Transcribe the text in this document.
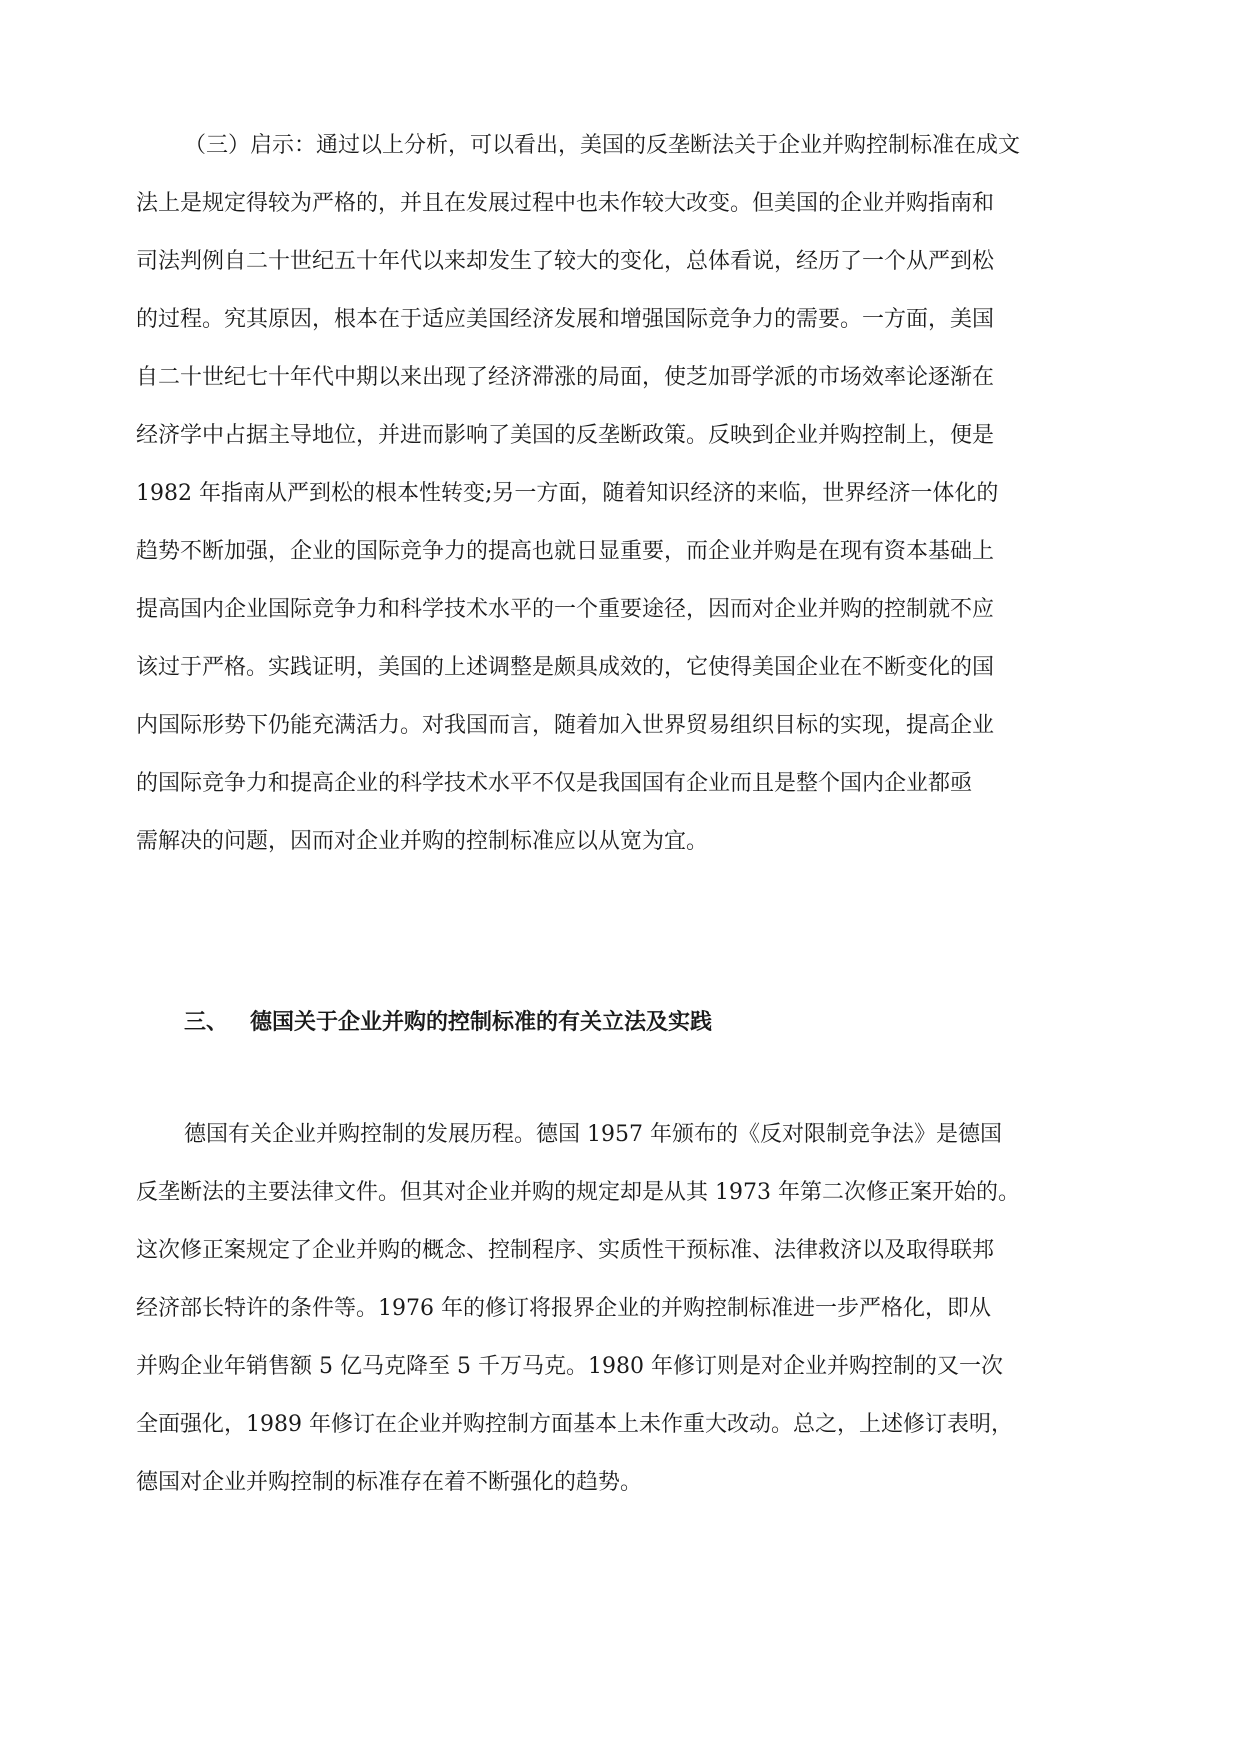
（三）启示：通过以上分析，可以看出，美国的反垄断法关于企业并购控制标准在成文

法上是规定得较为严格的，并且在发展过程中也未作较大改变。但美国的企业并购指南和

司法判例自二十世纪五十年代以来却发生了较大的变化，总体看说，经历了一个从严到松

的过程。究其原因，根本在于适应美国经济发展和增强国际竞争力的需要。一方面，美国

自二十世纪七十年代中期以来出现了经济滞涨的局面，使芝加哥学派的市场效率论逐渐在

经济学中占据主导地位，并进而影响了美国的反垄断政策。反映到企业并购控制上，便是

1982 年指南从严到松的根本性转变;另一方面，随着知识经济的来临，世界经济一体化的

趋势不断加强，企业的国际竞争力的提高也就日显重要，而企业并购是在现有资本基础上

提高国内企业国际竞争力和科学技术水平的一个重要途径，因而对企业并购的控制就不应

该过于严格。实践证明，美国的上述调整是颇具成效的，它使得美国企业在不断变化的国

内国际形势下仍能充满活力。对我国而言，随着加入世界贸易组织目标的实现，提高企业

的国际竞争力和提高企业的科学技术水平不仅是我国国有企业而且是整个国内企业都亟

需解决的问题，因而对企业并购的控制标准应以从宽为宜。

三、 德国关于企业并购的控制标准的有关立法及实践

德国有关企业并购控制的发展历程。德国 1957 年颁布的《反对限制竞争法》是德国

反垄断法的主要法律文件。但其对企业并购的规定却是从其 1973 年第二次修正案开始的。

这次修正案规定了企业并购的概念、控制程序、实质性干预标准、法律救济以及取得联邦

经济部长特许的条件等。1976 年的修订将报界企业的并购控制标准进一步严格化，即从

并购企业年销售额 5 亿马克降至 5 千万马克。1980 年修订则是对企业并购控制的又一次

全面强化，1989 年修订在企业并购控制方面基本上未作重大改动。总之，上述修订表明，

德国对企业并购控制的标准存在着不断强化的趋势。
